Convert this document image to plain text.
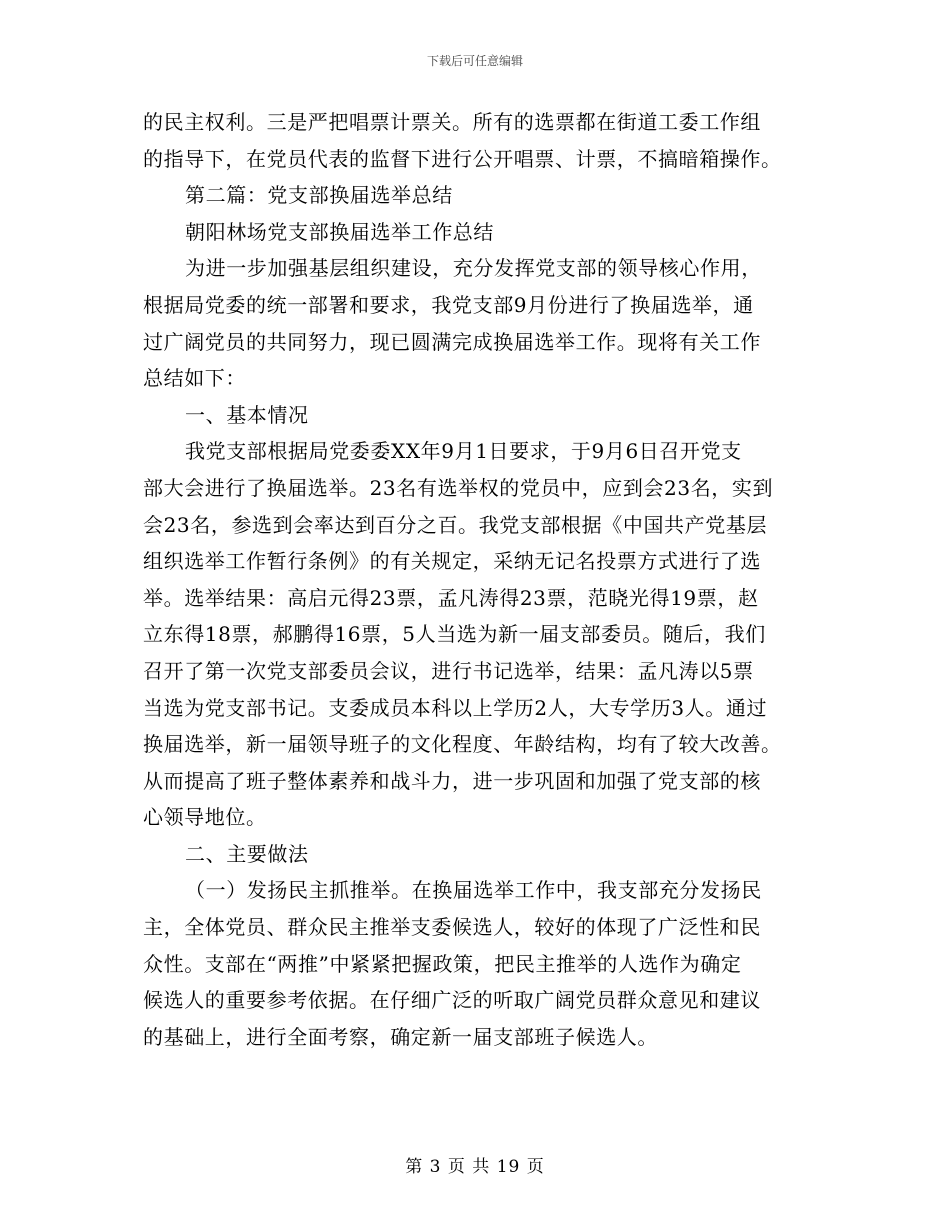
下载后可任意编辑
的民主权利。三是严把唱票计票关。所有的选票都在街道工委工作组
的指导下，在党员代表的监督下进行公开唱票、计票，不搞暗箱操作。
第二篇：党支部换届选举总结
朝阳林场党支部换届选举工作总结
为进一步加强基层组织建设，充分发挥党支部的领导核心作用，
根据局党委的统一部署和要求，我党支部9月份进行了换届选举，通
过广阔党员的共同努力，现已圆满完成换届选举工作。现将有关工作
总结如下：
一、基本情况
我党支部根据局党委委XX年9月1日要求，于9月6日召开党支
部大会进行了换届选举。23名有选举权的党员中，应到会23名，实到
会23名，参选到会率达到百分之百。我党支部根据《中国共产党基层
组织选举工作暂行条例》的有关规定，采纳无记名投票方式进行了选
举。选举结果：高启元得23票，孟凡涛得23票，范晓光得19票，赵
立东得18票，郝鹏得16票，5人当选为新一届支部委员。随后，我们
召开了第一次党支部委员会议，进行书记选举，结果：孟凡涛以5票
当选为党支部书记。支委成员本科以上学历2人，大专学历3人。通过
换届选举，新一届领导班子的文化程度、年龄结构，均有了较大改善。
从而提高了班子整体素养和战斗力，进一步巩固和加强了党支部的核
心领导地位。
二、主要做法
（一）发扬民主抓推举。在换届选举工作中，我支部充分发扬民
主，全体党员、群众民主推举支委候选人，较好的体现了广泛性和民
众性。支部在“两推”中紧紧把握政策，把民主推举的人选作为确定
候选人的重要参考依据。在仔细广泛的听取广阔党员群众意见和建议
的基础上，进行全面考察，确定新一届支部班子候选人。
第 3 页 共 19 页
